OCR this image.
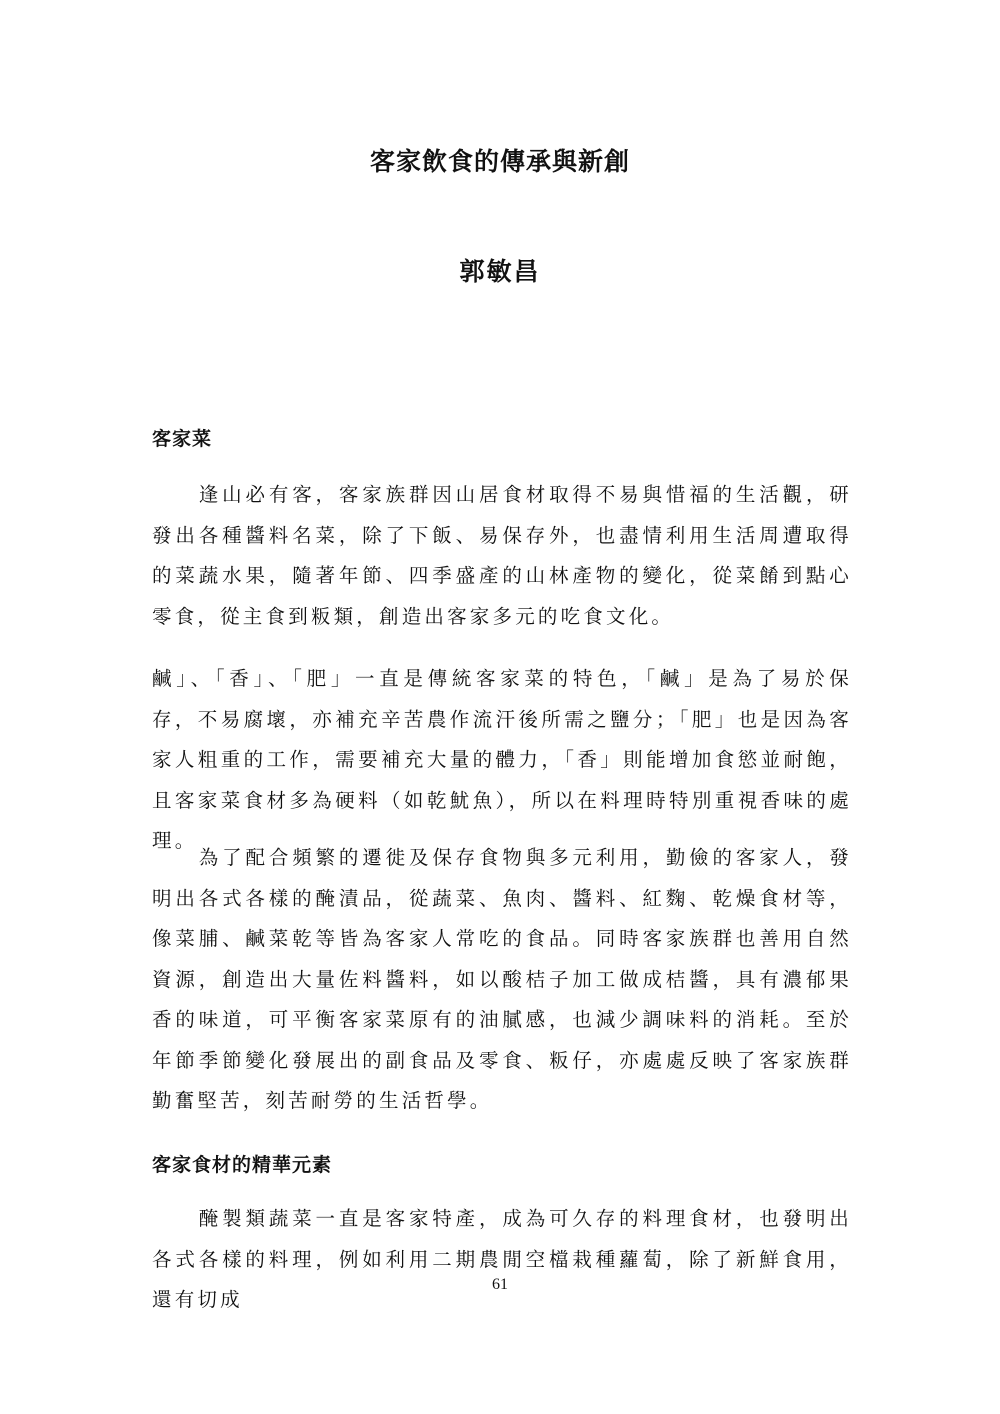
客家飲食的傳承與新創
郭敏昌
客家菜

逢山必有客，客家族群因山居食材取得不易與惜福的生活觀，研發出各種醬料名菜，除了下飯、易保存外，也盡情利用生活周遭取得的菜蔬水果，隨著年節、四季盛產的山林產物的變化，從菜餚到點心零食，從主食到粄類，創造出客家多元的吃食文化。

鹹」、「香」、「肥」一直是傳統客家菜的特色，「鹹」是為了易於保存，不易腐壞，亦補充辛苦農作流汗後所需之鹽分；「肥」也是因為客家人粗重的工作，需要補充大量的體力，「香」則能增加食慾並耐飽，且客家菜食材多為硬料（如乾魷魚），所以在料理時特別重視香味的處理。

為了配合頻繁的遷徙及保存食物與多元利用，勤儉的客家人，發明出各式各樣的醃漬品，從蔬菜、魚肉、醬料、紅麴、乾燥食材等，像菜脯、鹹菜乾等皆為客家人常吃的食品。同時客家族群也善用自然資源，創造出大量佐料醬料，如以酸桔子加工做成桔醬，具有濃郁果香的味道，可平衡客家菜原有的油膩感，也減少調味料的消耗。至於年節季節變化發展出的副食品及零食、粄仔，亦處處反映了客家族群勤奮堅苦，刻苦耐勞的生活哲學。

客家食材的精華元素

醃製類蔬菜一直是客家特產，成為可久存的料理食材，也發明出各式各樣的料理，例如利用二期農閒空檔栽種蘿蔔，除了新鮮食用，還有切成

61
